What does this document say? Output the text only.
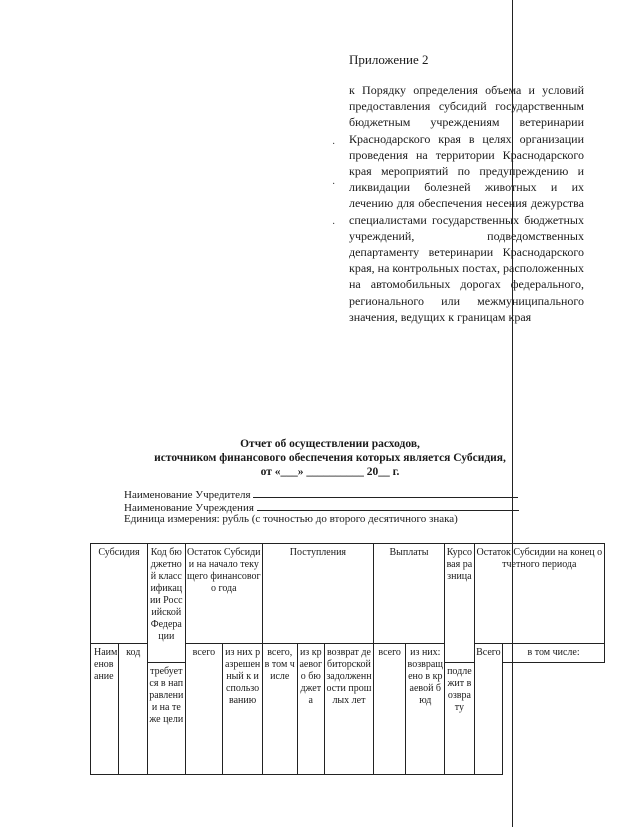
·

·

·
Приложение 2
к Порядку определения объема и условий предоставления субсидий государственным бюджетным учреждениям ветеринарии Краснодарского края в целях организации проведения на территории Краснодарского края мероприятий по предупреждению и ликвидации болезней животных и их лечению для обеспечения несения дежурства специалистами государственных бюджетных учреждений, подведомственных департаменту ветеринарии Краснодарского края, на контрольных постах, расположенных на автомобильных дорогах федерального, регионального или межмуниципального значения, ведущих к границам края
Отчет об осуществлении расходов,
источником финансового обеспечения которых является Субсидия,
от «___» __________ 20__ г.
Наименование Учредителя
Наименование Учреждения
Единица измерения: рубль (с точностью до второго десятичного знака)
Субсидия		Код бюджетной классификации Российской Федерации	Остаток Субсидии на начало текущего финансового года		Поступления			Выплаты		Курсовая разница	Остаток Субсидии на конец отчетного периода	
Наименование	код		всего	из них разрешенный к использованию	всего, в том числе	из краевого бюджета	возврат дебиторской задолженности прошлых лет	всего	из них: возвращено в краевой бюд		Всего	в том числе:
		требуется в направлении на те же цели								подлежит возврату		
